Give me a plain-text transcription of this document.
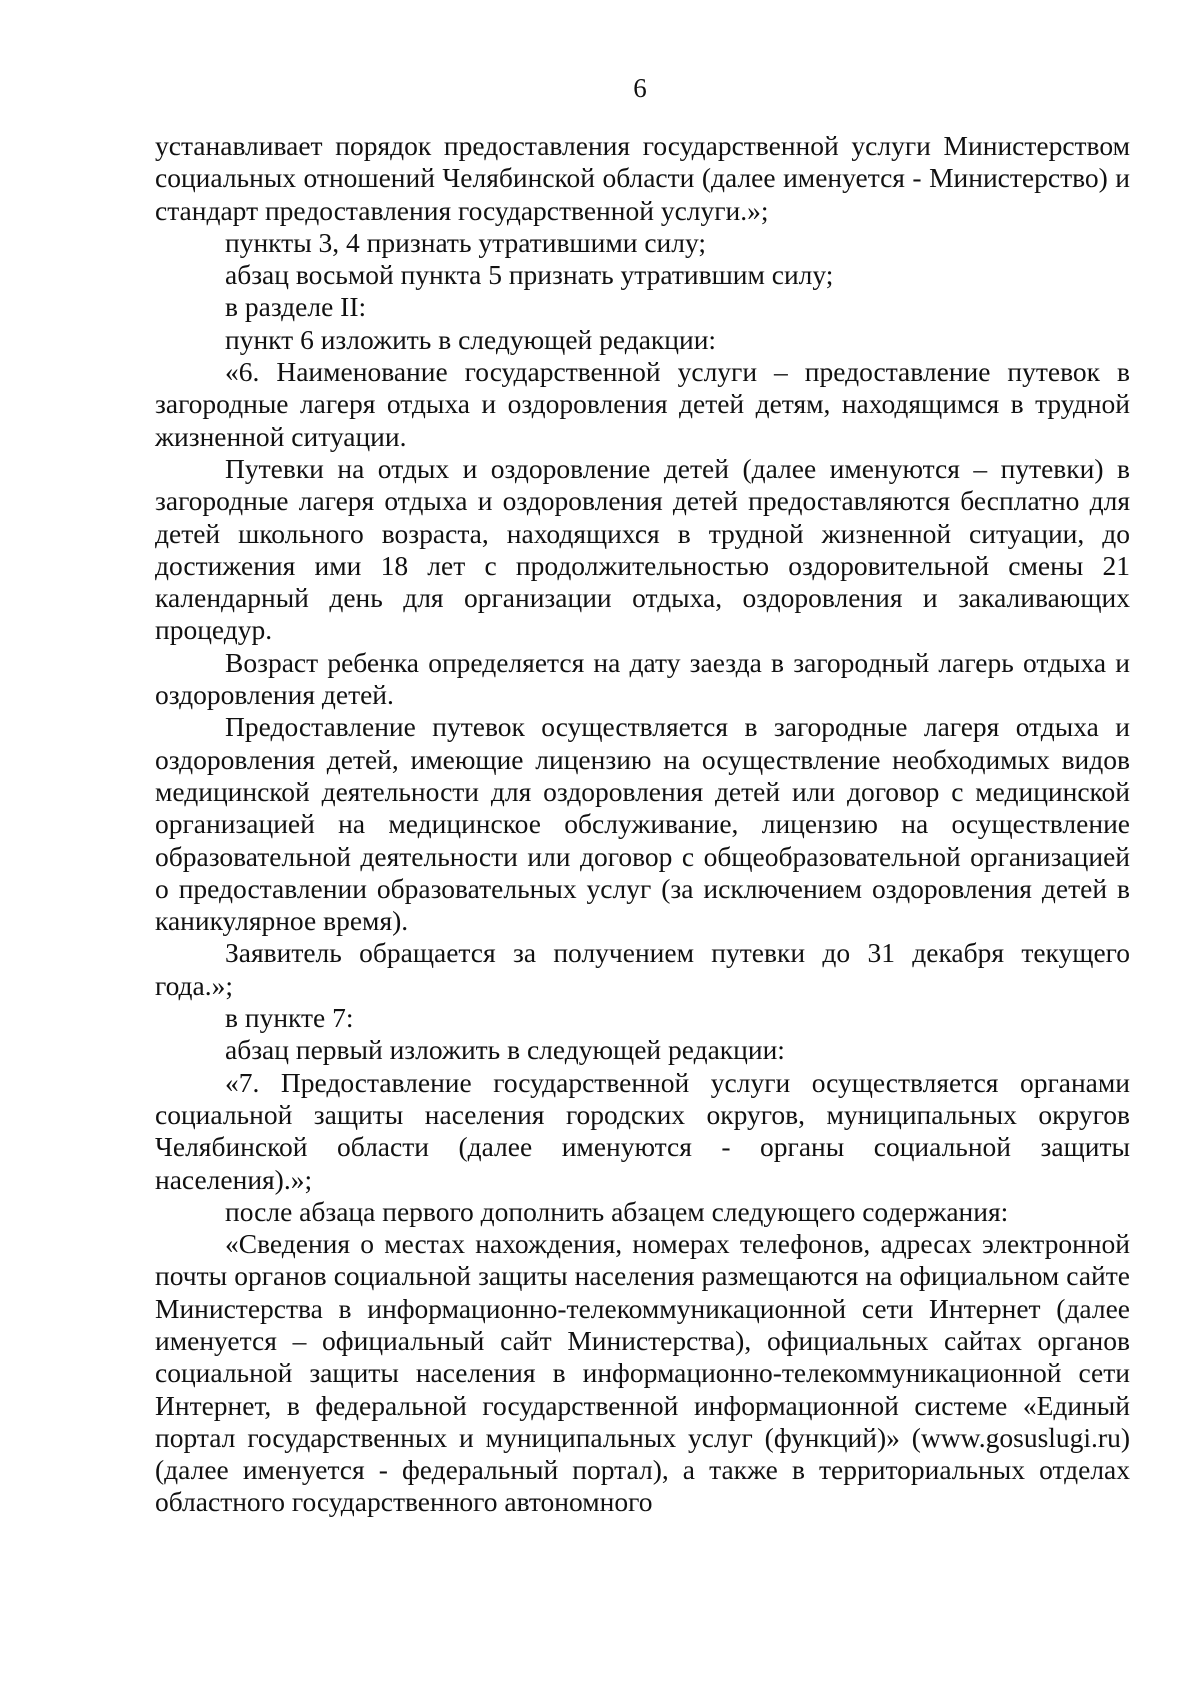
6

устанавливает порядок предоставления государственной услуги Министерством социальных отношений Челябинской области (далее именуется - Министерство) и стандарт предоставления государственной услуги.»;

пункты 3, 4 признать утратившими силу;

абзац восьмой пункта 5 признать утратившим силу;

в разделе II:

пункт 6 изложить в следующей редакции:

«6. Наименование государственной услуги – предоставление путевок в загородные лагеря отдыха и оздоровления детей детям, находящимся в трудной жизненной ситуации.

Путевки на отдых и оздоровление детей (далее именуются – путевки) в загородные лагеря отдыха и оздоровления детей предоставляются бесплатно для детей школьного возраста, находящихся в трудной жизненной ситуации, до достижения ими 18 лет с продолжительностью оздоровительной смены 21 календарный день для организации отдыха, оздоровления и закаливающих процедур.

Возраст ребенка определяется на дату заезда в загородный лагерь отдыха и оздоровления детей.

Предоставление путевок осуществляется в загородные лагеря отдыха и оздоровления детей, имеющие лицензию на осуществление необходимых видов медицинской деятельности для оздоровления детей или договор с медицинской организацией на медицинское обслуживание, лицензию на осуществление образовательной деятельности или договор с общеобразовательной организацией о предоставлении образовательных услуг (за исключением оздоровления детей в каникулярное время).

Заявитель обращается за получением путевки до 31 декабря текущего года.»;

в пункте 7:

абзац первый изложить в следующей редакции:

«7. Предоставление государственной услуги осуществляется органами социальной защиты населения городских округов, муниципальных округов Челябинской области (далее именуются - органы социальной защиты населения).»;

после абзаца первого дополнить абзацем следующего содержания:

«Сведения о местах нахождения, номерах телефонов, адресах электронной почты органов социальной защиты населения размещаются на официальном сайте Министерства в информационно-телекоммуникационной сети Интернет (далее именуется – официальный сайт Министерства), официальных сайтах органов социальной защиты населения в информационно-телекоммуникационной сети Интернет, в федеральной государственной информационной системе «Единый портал государственных и муниципальных услуг (функций)» (www.gosuslugi.ru) (далее именуется - федеральный портал), а также в территориальных отделах областного государственного автономного
